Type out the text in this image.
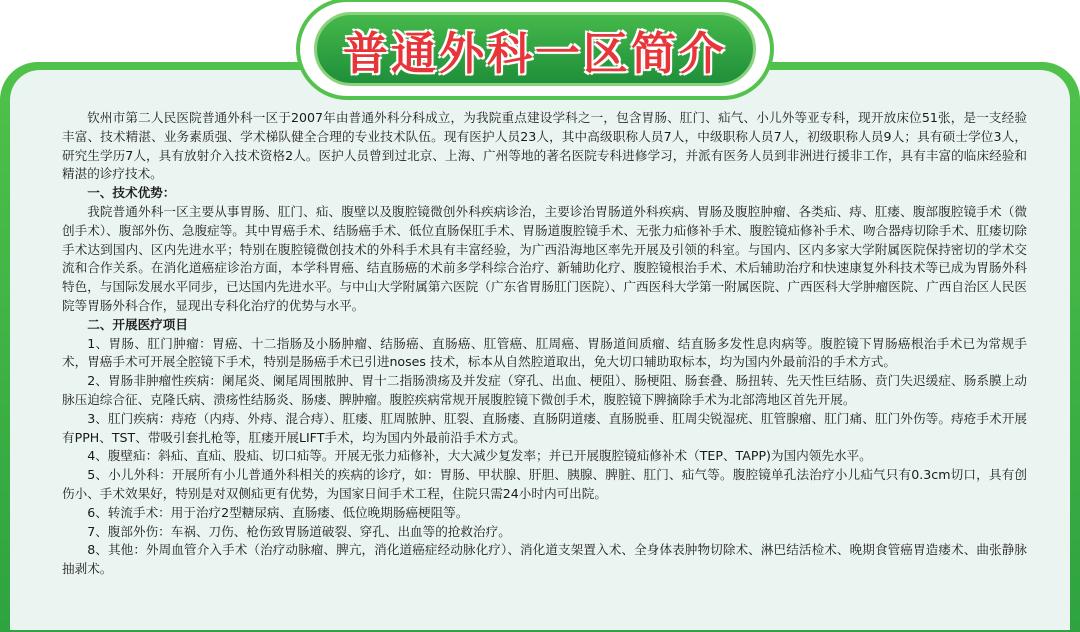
普通外科一区简介

钦州市第二人民医院普通外科一区于2007年由普通外科分科成立，为我院重点建设学科之一，包含胃肠、肛门、疝气、小儿外等亚专科，现开放床位51张，是一支经验丰富、技术精湛、业务素质强、学术梯队健全合理的专业技术队伍。现有医护人员23人，其中高级职称人员7人，中级职称人员7人，初级职称人员9人；具有硕士学位3人，研究生学历7人，具有放射介入技术资格2人。医护人员曾到过北京、上海、广州等地的著名医院专科进修学习，并派有医务人员到非洲进行援非工作，具有丰富的临床经验和精湛的诊疗技术。

一、技术优势：

我院普通外科一区主要从事胃肠、肛门、疝、腹壁以及腹腔镜微创外科疾病诊治，主要诊治胃肠道外科疾病、胃肠及腹腔肿瘤、各类疝、痔、肛瘘、腹部腹腔镜手术（微创手术）、腹部外伤、急腹症等。其中胃癌手术、结肠癌手术、低位直肠保肛手术、胃肠道腹腔镜手术、无张力疝修补手术、腹腔镜疝修补手术、吻合器痔切除手术、肛瘘切除手术达到国内、区内先进水平；特别在腹腔镜微创技术的外科手术具有丰富经验，为广西沿海地区率先开展及引领的科室。与国内、区内多家大学附属医院保持密切的学术交流和合作关系。在消化道癌症诊治方面，本学科胃癌、结直肠癌的术前多学科综合治疗、新辅助化疗、腹腔镜根治手术、术后辅助治疗和快速康复外科技术等已成为胃肠外科特色，与国际发展水平同步，已达国内先进水平。与中山大学附属第六医院（广东省胃肠肛门医院）、广西医科大学第一附属医院、广西医科大学肿瘤医院、广西自治区人民医院等胃肠外科合作，显现出专科化治疗的优势与水平。

二、开展医疗项目

1、胃肠、肛门肿瘤：胃癌、十二指肠及小肠肿瘤、结肠癌、直肠癌、肛管癌、肛周癌、胃肠道间质瘤、结直肠多发性息肉病等。腹腔镜下胃肠癌根治手术已为常规手术，胃癌手术可开展全腔镜下手术，特别是肠癌手术已引进noses 技术，标本从自然腔道取出，免大切口辅助取标本，均为国内外最前沿的手术方式。

2、胃肠非肿瘤性疾病：阑尾炎、阑尾周围脓肿、胃十二指肠溃疡及并发症（穿孔、出血、梗阻）、肠梗阻、肠套叠、肠扭转、先天性巨结肠、贲门失迟缓症、肠系膜上动脉压迫综合征、克隆氏病、溃疡性结肠炎、肠瘘、脾肿瘤。腹腔疾病常规开展腹腔镜下微创手术，腹腔镜下脾摘除手术为北部湾地区首先开展。

3、肛门疾病：痔疮（内痔、外痔、混合痔）、肛瘘、肛周脓肿、肛裂、直肠瘘、直肠阴道瘘、直肠脱垂、肛周尖锐湿疣、肛管腺瘤、肛门痛、肛门外伤等。痔疮手术开展有PPH、TST、带吸引套扎枪等，肛瘘开展LIFT手术，均为国内外最前沿手术方式。

4、腹壁疝：斜疝、直疝、股疝、切口疝等。开展无张力疝修补，大大减少复发率；并已开展腹腔镜疝修补术（TEP、TAPP)为国内领先水平。

5、小儿外科：开展所有小儿普通外科相关的疾病的诊疗，如：胃肠、甲状腺、肝胆、胰腺、脾脏、肛门、疝气等。腹腔镜单孔法治疗小儿疝气只有0.3cm切口，具有创伤小、手术效果好，特别是对双侧疝更有优势，为国家日间手术工程，住院只需24小时内可出院。

6、转流手术：用于治疗2型糖尿病、直肠瘘、低位晚期肠癌梗阻等。

7、腹部外伤：车祸、刀伤、枪伤致胃肠道破裂、穿孔、出血等的抢救治疗。

8、其他：外周血管介入手术（治疗动脉瘤、脾亢，消化道癌症经动脉化疗）、消化道支架置入术、全身体表肿物切除术、淋巴结活检术、晚期食管癌胃造瘘术、曲张静脉抽剥术。
